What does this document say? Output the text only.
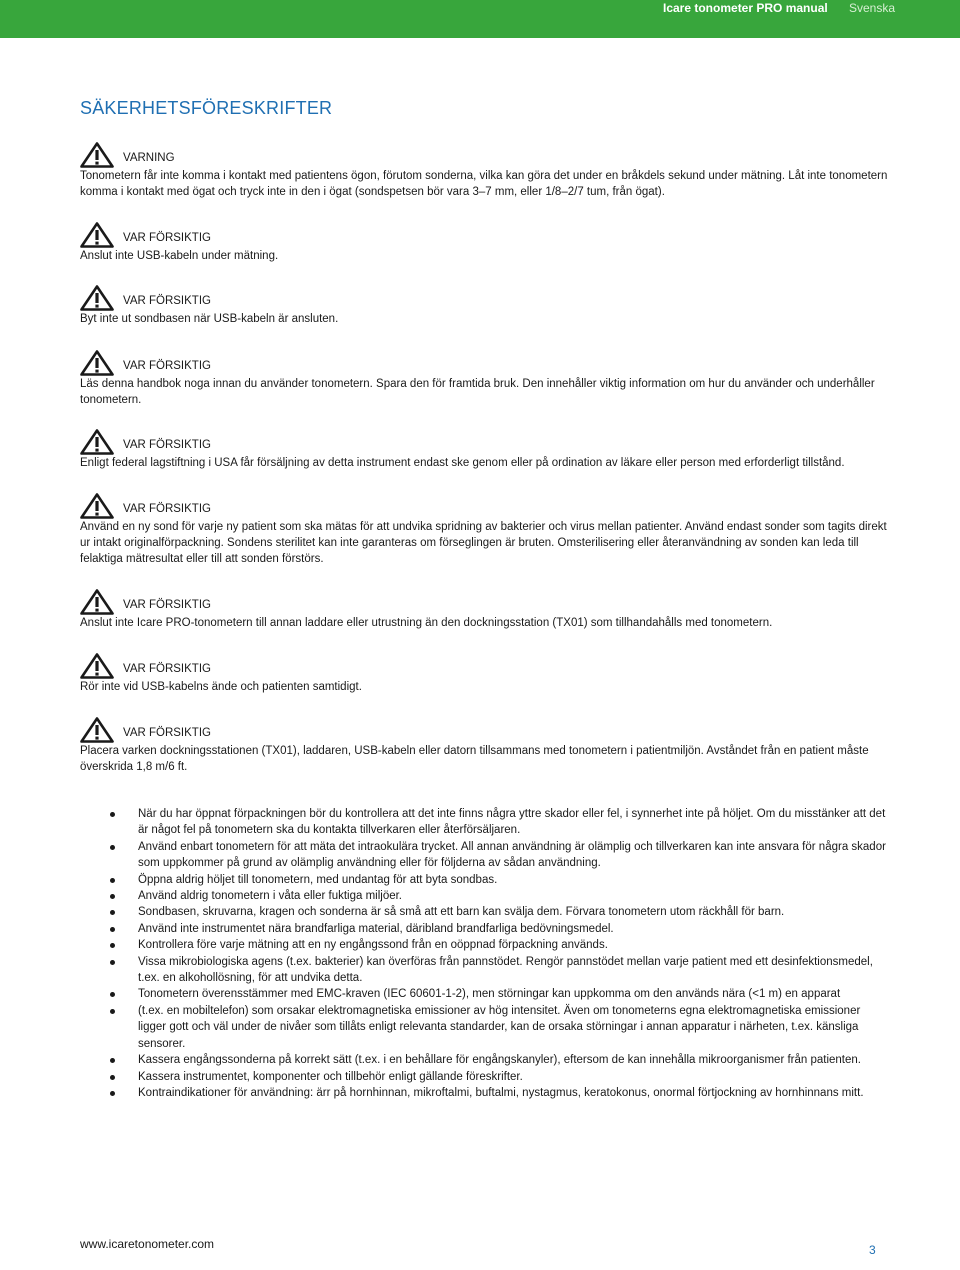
Icare tonometer PRO manual Svenska
SÄKERHETSFÖRESKRIFTER
VARNING

Tonometern får inte komma i kontakt med patientens ögon, förutom sonderna, vilka kan göra det under en bråkdels sekund under mätning. Låt inte tonometern komma i kontakt med ögat och tryck inte in den i ögat (sondspetsen bör vara 3–7 mm, eller 1/8–2/7 tum, från ögat).

VAR FÖRSIKTIG

Anslut inte USB-kabeln under mätning.

VAR FÖRSIKTIG

Byt inte ut sondbasen när USB-kabeln är ansluten.

VAR FÖRSIKTIG

Läs denna handbok noga innan du använder tonometern. Spara den för framtida bruk. Den innehåller viktig information om hur du använder och underhåller tonometern.

VAR FÖRSIKTIG

Enligt federal lagstiftning i USA får försäljning av detta instrument endast ske genom eller på ordination av läkare eller person med erforderligt tillstånd.

VAR FÖRSIKTIG

Använd en ny sond för varje ny patient som ska mätas för att undvika spridning av bakterier och virus mellan patienter. Använd endast sonder som tagits direkt ur intakt originalförpackning. Sondens sterilitet kan inte garanteras om förseglingen är bruten. Omsterilisering eller återanvändning av sonden kan leda till felaktiga mätresultat eller till att sonden förstörs.

VAR FÖRSIKTIG

Anslut inte Icare PRO-tonometern till annan laddare eller utrustning än den dockningsstation (TX01) som tillhandahålls med tonometern.

VAR FÖRSIKTIG

Rör inte vid USB-kabelns ände och patienten samtidigt.

VAR FÖRSIKTIG

Placera varken dockningsstationen (TX01), laddaren, USB-kabeln eller datorn tillsammans med tonometern i patientmiljön. Avståndet från en patient måste överskrida 1,8 m/6 ft.

När du har öppnat förpackningen bör du kontrollera att det inte finns några yttre skador eller fel, i synnerhet inte på höljet. Om du misstänker att det är något fel på tonometern ska du kontakta tillverkaren eller återförsäljaren.
Använd enbart tonometern för att mäta det intraokulära trycket. All annan användning är olämplig och tillverkaren kan inte ansvara för några skador som uppkommer på grund av olämplig användning eller för följderna av sådan användning.
Öppna aldrig höljet till tonometern, med undantag för att byta sondbas.
Använd aldrig tonometern i våta eller fuktiga miljöer.
Sondbasen, skruvarna, kragen och sonderna är så små att ett barn kan svälja dem. Förvara tonometern utom räckhåll för barn.
Använd inte instrumentet nära brandfarliga material, däribland brandfarliga bedövningsmedel.
Kontrollera före varje mätning att en ny engångssond från en oöppnad förpackning används.
Vissa mikrobiologiska agens (t.ex. bakterier) kan överföras från pannstödet. Rengör pannstödet mellan varje patient med ett desinfektionsmedel, t.ex. en alkohollösning, för att undvika detta.
Tonometern överensstämmer med EMC-kraven (IEC 60601-1-2), men störningar kan uppkomma om den används nära (<1 m) en apparat
(t.ex. en mobiltelefon) som orsakar elektromagnetiska emissioner av hög intensitet. Även om tonometerns egna elektromagnetiska emissioner ligger gott och väl under de nivåer som tillåts enligt relevanta standarder, kan de orsaka störningar i annan apparatur i närheten, t.ex. känsliga sensorer.
Kassera engångssonderna på korrekt sätt (t.ex. i en behållare för engångskanyler), eftersom de kan innehålla mikroorganismer från patienten.
Kassera instrumentet, komponenter och tillbehör enligt gällande föreskrifter.
Kontraindikationer för användning: ärr på hornhinnan, mikroftalmi, buftalmi, nystagmus, keratokonus, onormal förtjockning av hornhinnans mitt.
www.icaretonometer.com	3
